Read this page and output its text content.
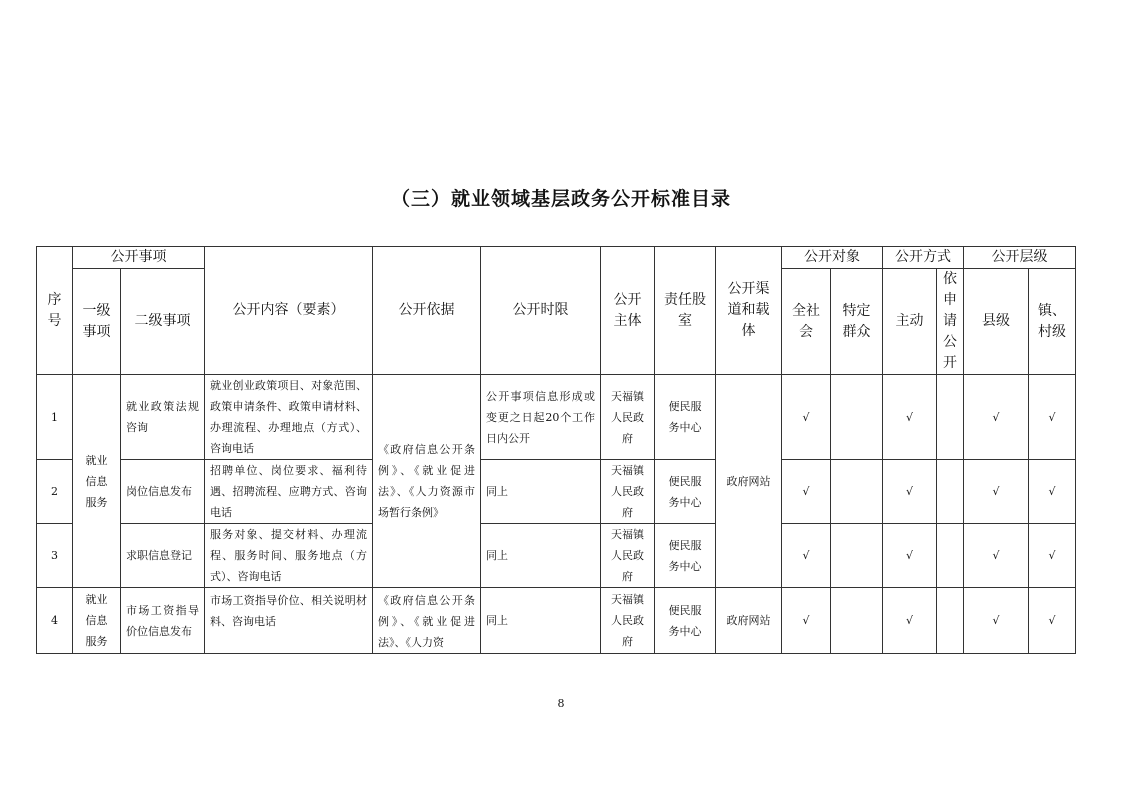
（三）就业领域基层政务公开标准目录
序号	公开事项		公开内容（要素）	公开依据	公开时限	公开主体	责任股室	公开渠道和载体	公开对象		公开方式		公开层级	
	一级事项	二级事项							全社会	特定群众	主动	依申请公开	县级	镇、村级
1	就业信息服务	就业政策法规咨询	就业创业政策项目、对象范围、政策申请条件、政策申请材料、办理流程、办理地点（方式）、咨询电话	《政府信息公开条例》、《就业促进法》、《人力资源市场暂行条例》	公开事项信息形成或变更之日起20个工作日内公开	天福镇人民政府	便民服务中心	政府网站	√		√		√	√
2		岗位信息发布	招聘单位、岗位要求、福利待遇、招聘流程、应聘方式、咨询电话		同上	天福镇人民政府	便民服务中心		√		√		√	√
3		求职信息登记	服务对象、提交材料、办理流程、服务时间、服务地点（方式）、咨询电话		同上	天福镇人民政府	便民服务中心		√		√		√	√
4	就业信息服务	市场工资指导价位信息发布	市场工资指导价位、相关说明材料、咨询电话	《政府信息公开条例》、《就业促进法》、《人力资	同上	天福镇人民政府	便民服务中心	政府网站	√		√		√	√
8
